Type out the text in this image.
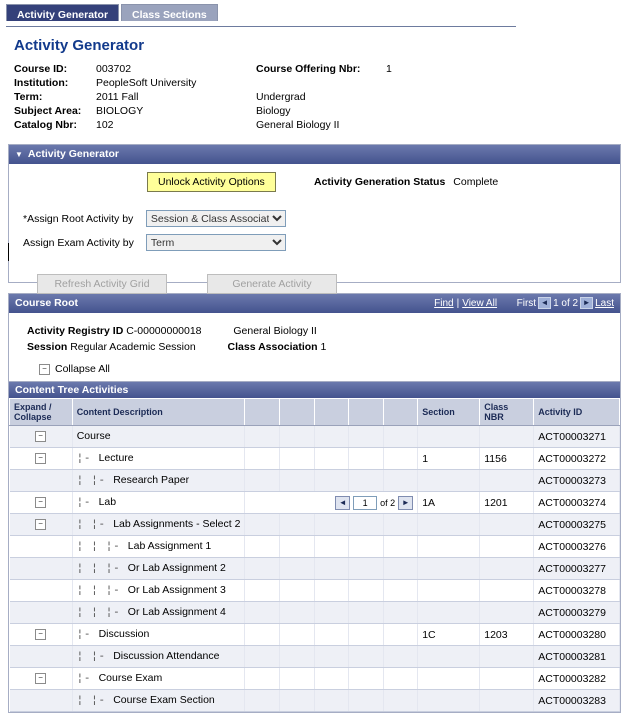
Activity Generator Class Sections
Activity Generator
Course ID:	003702	Course Offering Nbr:	1
Institution:	PeopleSoft University		
Term:	2011 Fall	Undergrad	
Subject Area:	BIOLOGY	Biology	
Catalog Nbr:	102	General Biology II	
▼ Activity Generator
Unlock Activity Options	Activity Generation Status Complete
*Assign Root Activity by
Session & Class Association
Assign Exam Activity by
Term
Refresh Activity Grid	Generate Activity
Course Root	Find | View All First ◄ 1 of 2 ► Last
Activity Registry ID C-00000000018	General Biology II
Session Regular Academic Session	Class Association 1
− Collapse All
Content Tree Activities
Expand / Collapse	Content Description						Section	Class NBR	Activity ID
−	Course								ACT00003271
−	¦- Lecture						1	1156	ACT00003272
	¦ ¦- Research Paper								ACT00003273
−	¦- Lab	◄1 of 2 ►					1A	1201	ACT00003274
−	¦ ¦- Lab Assignments - Select 2								ACT00003275
	¦ ¦ ¦- Lab Assignment 1								ACT00003276
	¦ ¦ ¦- Or Lab Assignment 2								ACT00003277
	¦ ¦ ¦- Or Lab Assignment 3								ACT00003278
	¦ ¦ ¦- Or Lab Assignment 4								ACT00003279
−	¦- Discussion						1C	1203	ACT00003280
	¦ ¦- Discussion Attendance								ACT00003281
−	¦- Course Exam								ACT00003282
	¦ ¦- Course Exam Section								ACT00003283
